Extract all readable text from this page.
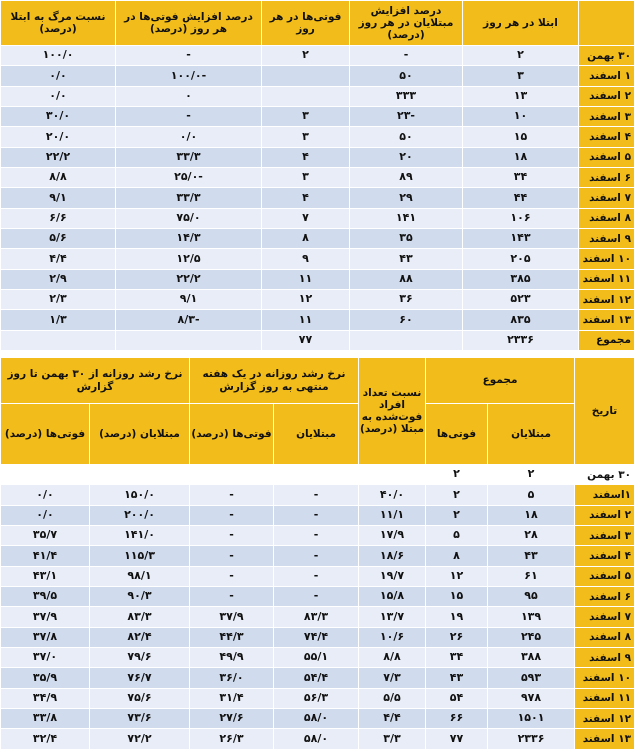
	ابتلا در هر روز	درصد افزایش مبتلایان در هر روز (درصد)	فوتی‌ها در هر روز	درصد افزایش فوتی‌ها در هر روز (درصد)	نسبت مرگ به ابتلا (درصد)
۳۰ بهمن	۲	-	۲	-	۱۰۰/۰
۱ اسفند	۳	۵۰		-۱۰۰/۰	۰/۰
۲ اسفند	۱۳	۳۳۳		۰	۰/۰
۳ اسفند	۱۰	-۲۳	۳	-	۳۰/۰
۴ اسفند	۱۵	۵۰	۳	۰/۰	۲۰/۰
۵ اسفند	۱۸	۲۰	۴	۳۳/۳	۲۲/۲
۶ اسفند	۳۴	۸۹	۳	-۲۵/۰	۸/۸
۷ اسفند	۴۴	۲۹	۴	۳۳/۳	۹/۱
۸ اسفند	۱۰۶	۱۴۱	۷	۷۵/۰	۶/۶
۹ اسفند	۱۴۳	۳۵	۸	۱۴/۳	۵/۶
۱۰ اسفند	۲۰۵	۴۳	۹	۱۲/۵	۴/۴
۱۱ اسفند	۳۸۵	۸۸	۱۱	۲۲/۲	۲/۹
۱۲ اسفند	۵۲۳	۳۶	۱۲	۹/۱	۲/۳
۱۳ اسفند	۸۳۵	۶۰	۱۱	-۸/۳	۱/۳
مجموع	۲۳۳۶		۷۷		
تاریخ	مجموع		نسبت تعداد افراد فوت‌شده به مبتلا (درصد)	نرخ رشد روزانه در یک هفته منتهی به روز گزارش		نرخ رشد روزانه از ۳۰ بهمن تا روز گزارش	
	مبتلایان	فوتی‌ها		مبتلایان	فوتی‌ها (درصد)	مبتلایان (درصد)	فوتی‌ها (درصد)
۳۰ بهمن	۲	۲					
۱اسفند	۵	۲	۴۰/۰	-	-	۱۵۰/۰	۰/۰
۲ اسفند	۱۸	۲	۱۱/۱	-	-	۲۰۰/۰	۰/۰
۳ اسفند	۲۸	۵	۱۷/۹	-	-	۱۴۱/۰	۳۵/۷
۴ اسفند	۴۳	۸	۱۸/۶	-	-	۱۱۵/۳	۴۱/۴
۵ اسفند	۶۱	۱۲	۱۹/۷	-	-	۹۸/۱	۴۳/۱
۶ اسفند	۹۵	۱۵	۱۵/۸	-	-	۹۰/۳	۳۹/۵
۷ اسفند	۱۳۹	۱۹	۱۳/۷	۸۳/۳	۳۷/۹	۸۳/۳	۳۷/۹
۸ اسفند	۲۴۵	۲۶	۱۰/۶	۷۴/۴	۴۴/۳	۸۲/۴	۳۷/۸
۹ اسفند	۳۸۸	۳۴	۸/۸	۵۵/۱	۴۹/۹	۷۹/۶	۳۷/۰
۱۰ اسفند	۵۹۳	۴۳	۷/۳	۵۴/۴	۳۶/۰	۷۶/۷	۳۵/۹
۱۱ اسفند	۹۷۸	۵۴	۵/۵	۵۶/۳	۳۱/۴	۷۵/۶	۳۴/۹
۱۲ اسفند	۱۵۰۱	۶۶	۴/۴	۵۸/۰	۲۷/۶	۷۳/۶	۳۳/۸
۱۳ اسفند	۲۳۳۶	۷۷	۳/۳	۵۸/۰	۲۶/۳	۷۲/۲	۳۲/۴
